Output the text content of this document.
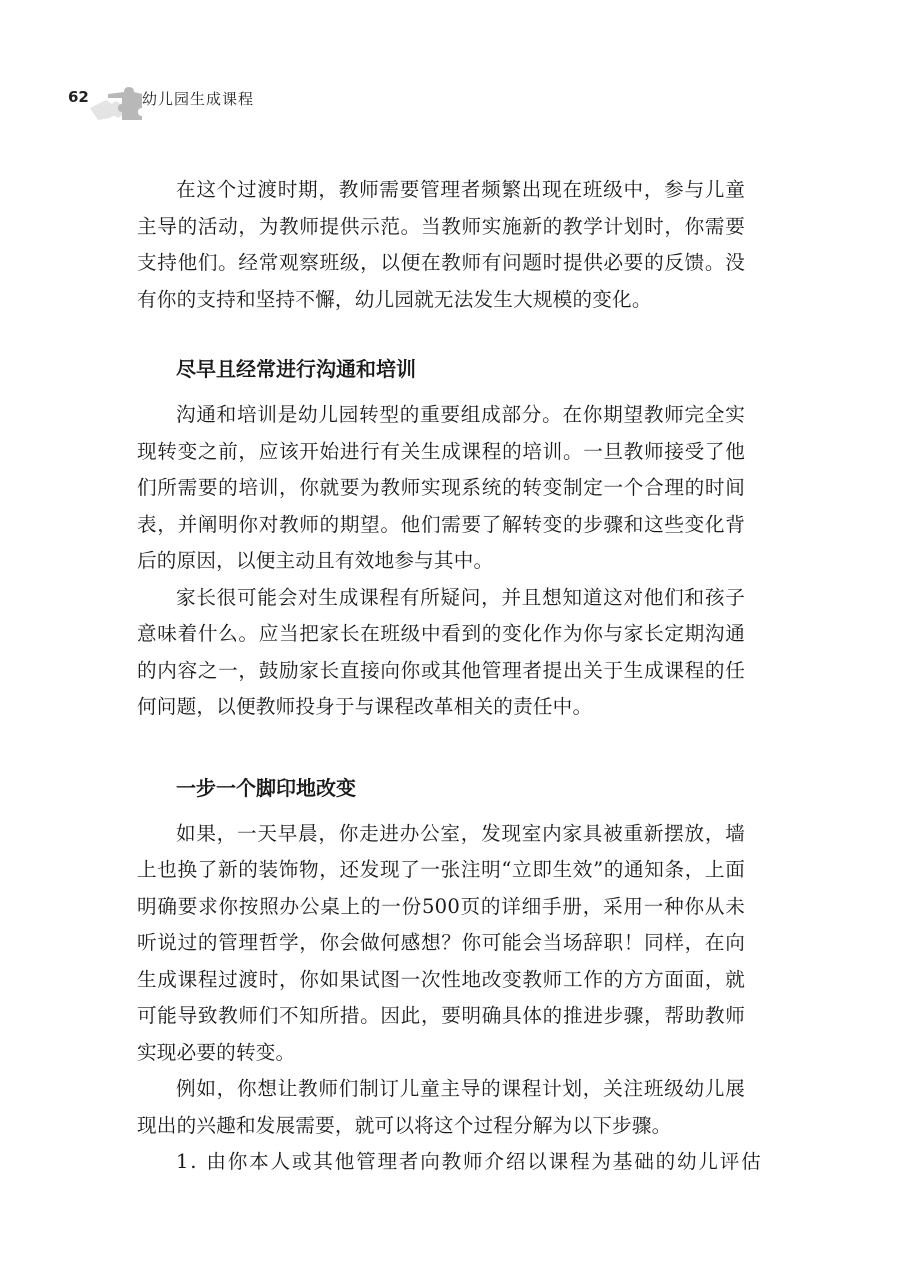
62	幼儿园生成课程

在这个过渡时期，教师需要管理者频繁出现在班级中，参与儿童主导的活动，为教师提供示范。当教师实施新的教学计划时，你需要支持他们。经常观察班级，以便在教师有问题时提供必要的反馈。没有你的支持和坚持不懈，幼儿园就无法发生大规模的变化。

尽早且经常进行沟通和培训

沟通和培训是幼儿园转型的重要组成部分。在你期望教师完全实现转变之前，应该开始进行有关生成课程的培训。一旦教师接受了他们所需要的培训，你就要为教师实现系统的转变制定一个合理的时间表，并阐明你对教师的期望。他们需要了解转变的步骤和这些变化背后的原因，以便主动且有效地参与其中。

家长很可能会对生成课程有所疑问，并且想知道这对他们和孩子意味着什么。应当把家长在班级中看到的变化作为你与家长定期沟通的内容之一，鼓励家长直接向你或其他管理者提出关于生成课程的任何问题，以便教师投身于与课程改革相关的责任中。

一步一个脚印地改变

如果，一天早晨，你走进办公室，发现室内家具被重新摆放，墙上也换了新的装饰物，还发现了一张注明“立即生效”的通知条，上面明确要求你按照办公桌上的一份500页的详细手册，采用一种你从未听说过的管理哲学，你会做何感想？你可能会当场辞职！同样，在向生成课程过渡时，你如果试图一次性地改变教师工作的方方面面，就可能导致教师们不知所措。因此，要明确具体的推进步骤，帮助教师实现必要的转变。

例如，你想让教师们制订儿童主导的课程计划，关注班级幼儿展现出的兴趣和发展需要，就可以将这个过程分解为以下步骤。

1. 由你本人或其他管理者向教师介绍以课程为基础的幼儿评估
